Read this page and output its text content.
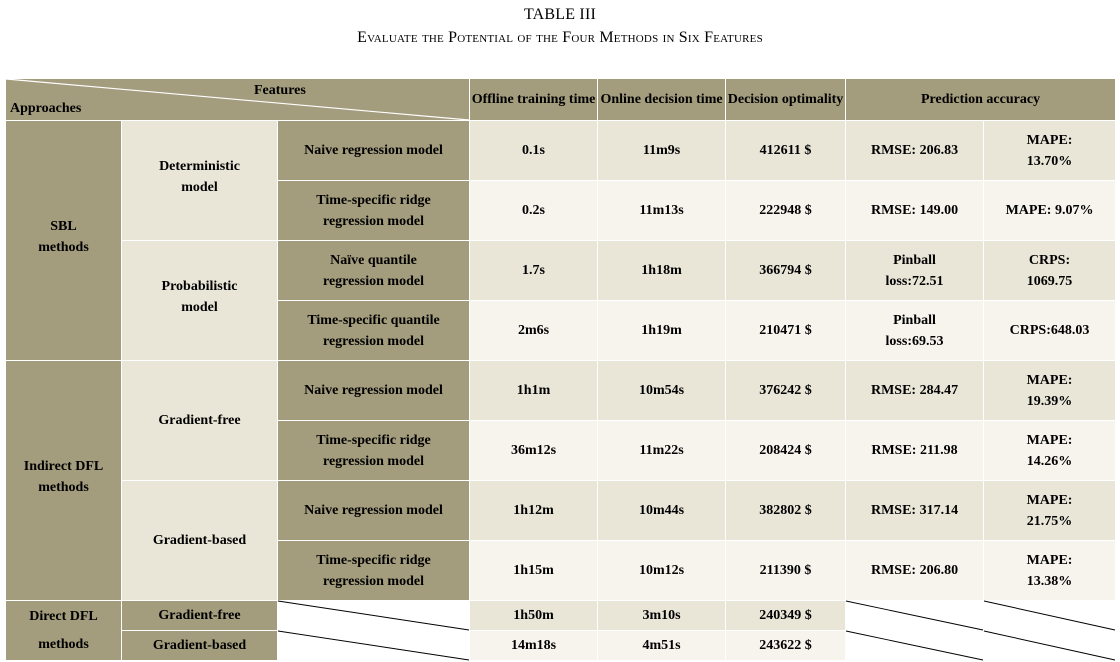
TABLE III
Evaluate the Potential of the Four Methods in Six Features
Features
Approaches			Offline training time	Online decision time	Decision optimality	Prediction accuracy	
SBL methods	Deterministic model	Naive regression model	0.1s	11m9s	412611 $	RMSE: 206.83	MAPE: 13.70%
		Time-specific ridge regression model	0.2s	11m13s	222948 $	RMSE: 149.00	MAPE: 9.07%
	Probabilistic model	Naïve quantile regression model	1.7s	1h18m	366794 $	Pinball loss:72.51	CRPS: 1069.75
		Time-specific quantile regression model	2m6s	1h19m	210471 $	Pinball loss:69.53	CRPS:648.03
Indirect DFL methods	Gradient-free	Naive regression model	1h1m	10m54s	376242 $	RMSE: 284.47	MAPE: 19.39%
		Time-specific ridge regression model	36m12s	11m22s	208424 $	RMSE: 211.98	MAPE: 14.26%
	Gradient-based	Naive regression model	1h12m	10m44s	382802 $	RMSE: 317.14	MAPE: 21.75%
		Time-specific ridge regression model	1h15m	10m12s	211390 $	RMSE: 206.80	MAPE: 13.38%
Direct DFL methods	Gradient-free		1h50m	3m10s	240349 $	

	Gradient-based		14m18s	4m51s	243622 $	
